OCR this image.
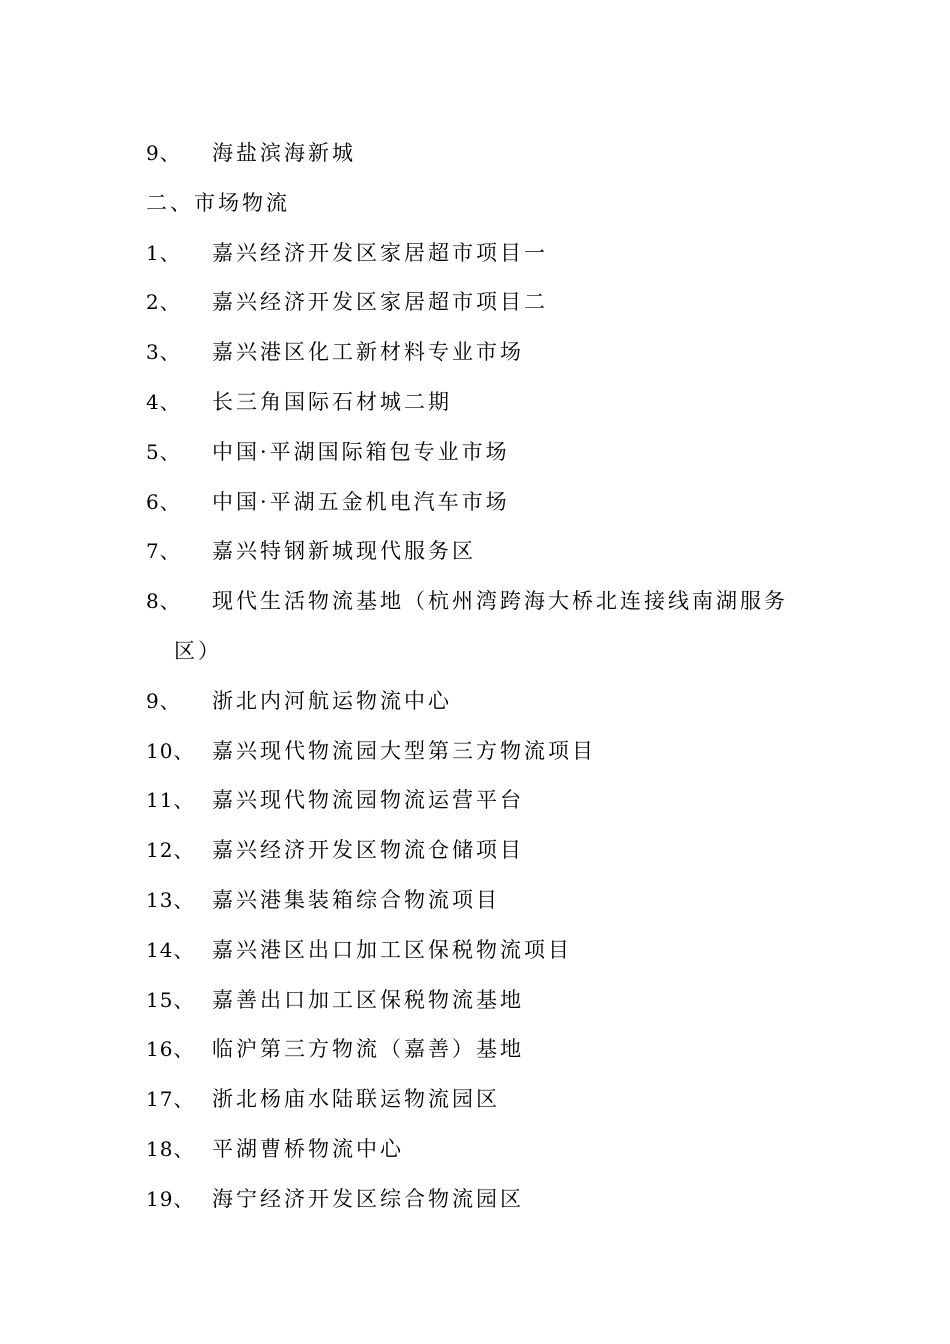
9、 海盐滨海新城
二、市场物流
1、 嘉兴经济开发区家居超市项目一
2、 嘉兴经济开发区家居超市项目二
3、 嘉兴港区化工新材料专业市场
4、 长三角国际石材城二期
5、 中国·平湖国际箱包专业市场
6、 中国·平湖五金机电汽车市场
7、 嘉兴特钢新城现代服务区
8、 现代生活物流基地（杭州湾跨海大桥北连接线南湖服务
区）
9、 浙北内河航运物流中心
10、 嘉兴现代物流园大型第三方物流项目
11、 嘉兴现代物流园物流运营平台
12、 嘉兴经济开发区物流仓储项目
13、 嘉兴港集装箱综合物流项目
14、 嘉兴港区出口加工区保税物流项目
15、 嘉善出口加工区保税物流基地
16、 临沪第三方物流（嘉善）基地
17、 浙北杨庙水陆联运物流园区
18、 平湖曹桥物流中心
19、 海宁经济开发区综合物流园区
